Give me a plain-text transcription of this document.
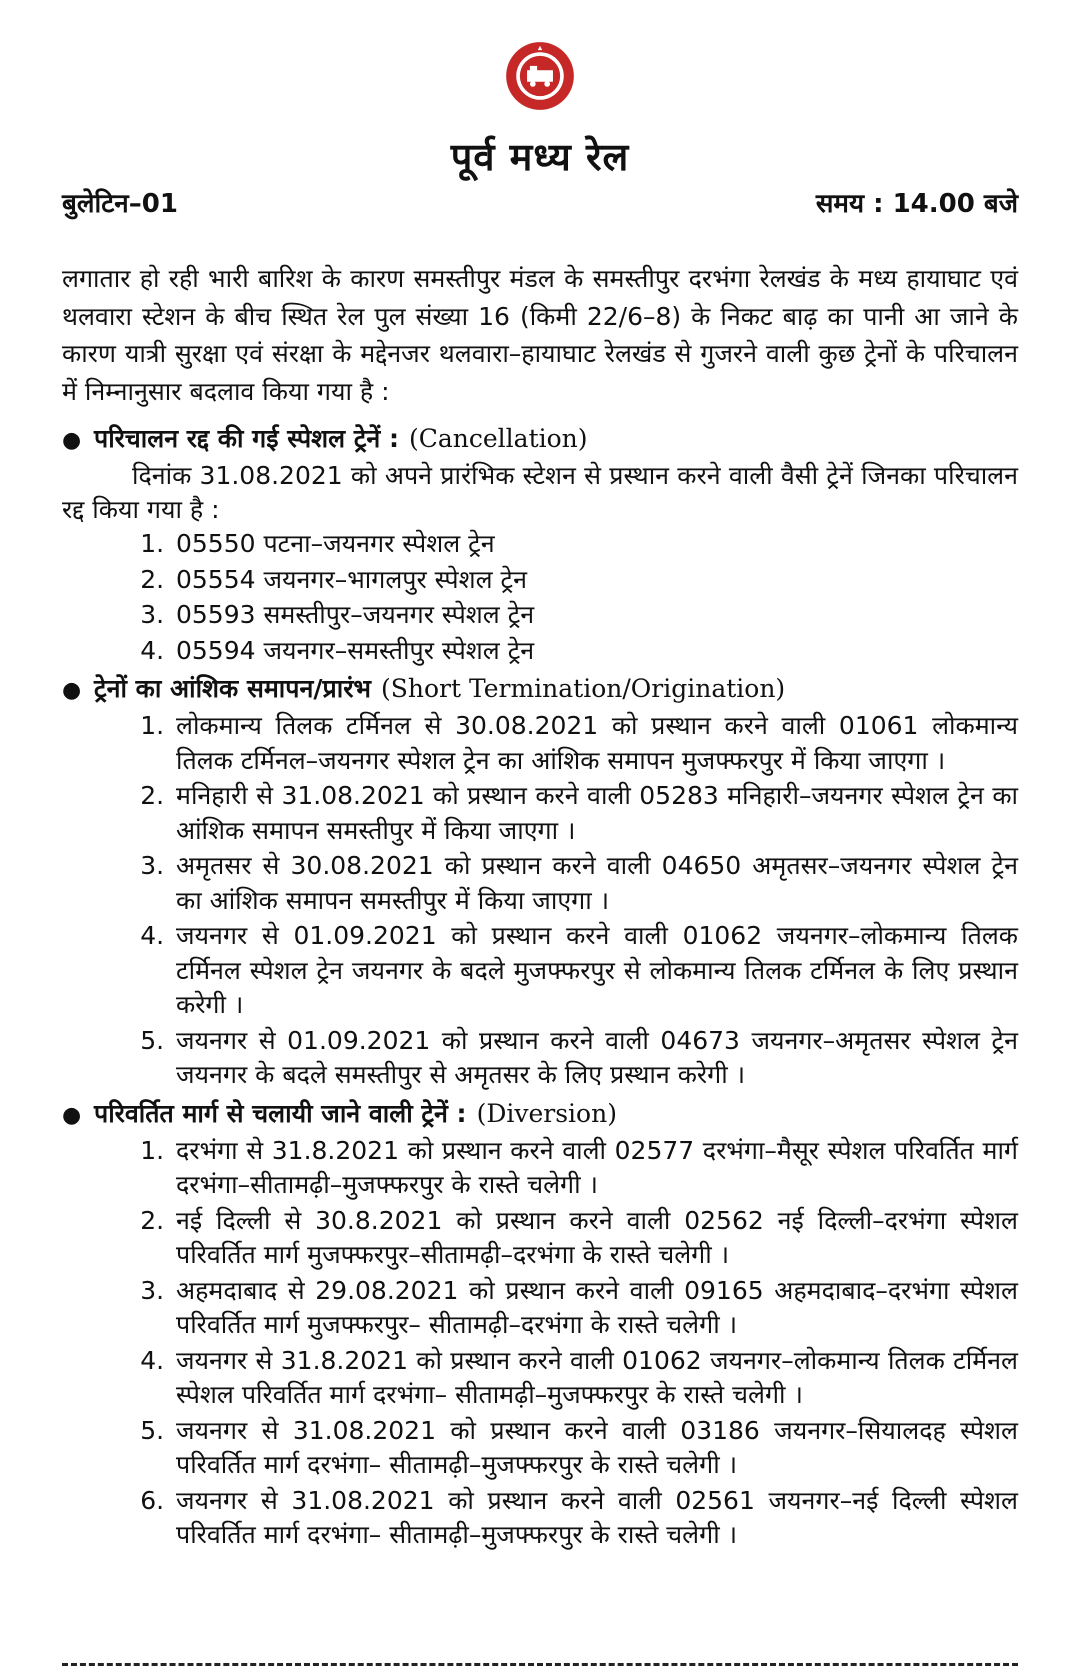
पूर्व मध्य रेल
बुलेटिन–01	समय : 14.00 बजे
लगातार हो रही भारी बारिश के कारण समस्तीपुर मंडल के समस्तीपुर दरभंगा रेलखंड के मध्य हायाघाट एवं थलवारा स्टेशन के बीच स्थित रेल पुल संख्या 16 (किमी 22/6–8) के निकट बाढ़ का पानी आ जाने के कारण यात्री सुरक्षा एवं संरक्षा के मद्देनजर थलवारा–हायाघाट रेलखंड से गुजरने वाली कुछ ट्रेनों के परिचालन में निम्नानुसार बदलाव किया गया है :
● परिचालन रद्द की गई स्पेशल ट्रेनें : (Cancellation)
दिनांक 31.08.2021 को अपने प्रारंभिक स्टेशन से प्रस्थान करने वाली वैसी ट्रेनें जिनका परिचालन रद्द किया गया है :
1. 05550 पटना–जयनगर स्पेशल ट्रेन
2. 05554 जयनगर–भागलपुर स्पेशल ट्रेन
3. 05593 समस्तीपुर–जयनगर स्पेशल ट्रेन
4. 05594 जयनगर–समस्तीपुर स्पेशल ट्रेन
● ट्रेनों का आंशिक समापन/प्रारंभ (Short Termination/Origination)
1. लोकमान्य तिलक टर्मिनल से 30.08.2021 को प्रस्थान करने वाली 01061 लोकमान्य तिलक टर्मिनल–जयनगर स्पेशल ट्रेन का आंशिक समापन मुजफ्फरपुर में किया जाएगा ।
2. मनिहारी से 31.08.2021 को प्रस्थान करने वाली 05283 मनिहारी–जयनगर स्पेशल ट्रेन का आंशिक समापन समस्तीपुर में किया जाएगा ।
3. अमृतसर से 30.08.2021 को प्रस्थान करने वाली 04650 अमृतसर–जयनगर स्पेशल ट्रेन का आंशिक समापन समस्तीपुर में किया जाएगा ।
4. जयनगर से 01.09.2021 को प्रस्थान करने वाली 01062 जयनगर–लोकमान्य तिलक टर्मिनल स्पेशल ट्रेन जयनगर के बदले मुजफ्फरपुर से लोकमान्य तिलक टर्मिनल के लिए प्रस्थान करेगी ।
5. जयनगर से 01.09.2021 को प्रस्थान करने वाली 04673 जयनगर–अमृतसर स्पेशल ट्रेन जयनगर के बदले समस्तीपुर से अमृतसर के लिए प्रस्थान करेगी ।
● परिवर्तित मार्ग से चलायी जाने वाली ट्रेनें : (Diversion)
1. दरभंगा से 31.8.2021 को प्रस्थान करने वाली 02577 दरभंगा–मैसूर स्पेशल परिवर्तित मार्ग दरभंगा–सीतामढ़ी–मुजफ्फरपुर के रास्ते चलेगी ।
2. नई दिल्ली से 30.8.2021 को प्रस्थान करने वाली 02562 नई दिल्ली–दरभंगा स्पेशल परिवर्तित मार्ग मुजफ्फरपुर–सीतामढ़ी–दरभंगा के रास्ते चलेगी ।
3. अहमदाबाद से 29.08.2021 को प्रस्थान करने वाली 09165 अहमदाबाद–दरभंगा स्पेशल परिवर्तित मार्ग मुजफ्फरपुर– सीतामढ़ी–दरभंगा के रास्ते चलेगी ।
4. जयनगर से 31.8.2021 को प्रस्थान करने वाली 01062 जयनगर–लोकमान्य तिलक टर्मिनल स्पेशल परिवर्तित मार्ग दरभंगा– सीतामढ़ी–मुजफ्फरपुर के रास्ते चलेगी ।
5. जयनगर से 31.08.2021 को प्रस्थान करने वाली 03186 जयनगर–सियालदह स्पेशल परिवर्तित मार्ग दरभंगा– सीतामढ़ी–मुजफ्फरपुर के रास्ते चलेगी ।
6. जयनगर से 31.08.2021 को प्रस्थान करने वाली 02561 जयनगर–नई दिल्ली स्पेशल परिवर्तित मार्ग दरभंगा– सीतामढ़ी–मुजफ्फरपुर के रास्ते चलेगी ।
